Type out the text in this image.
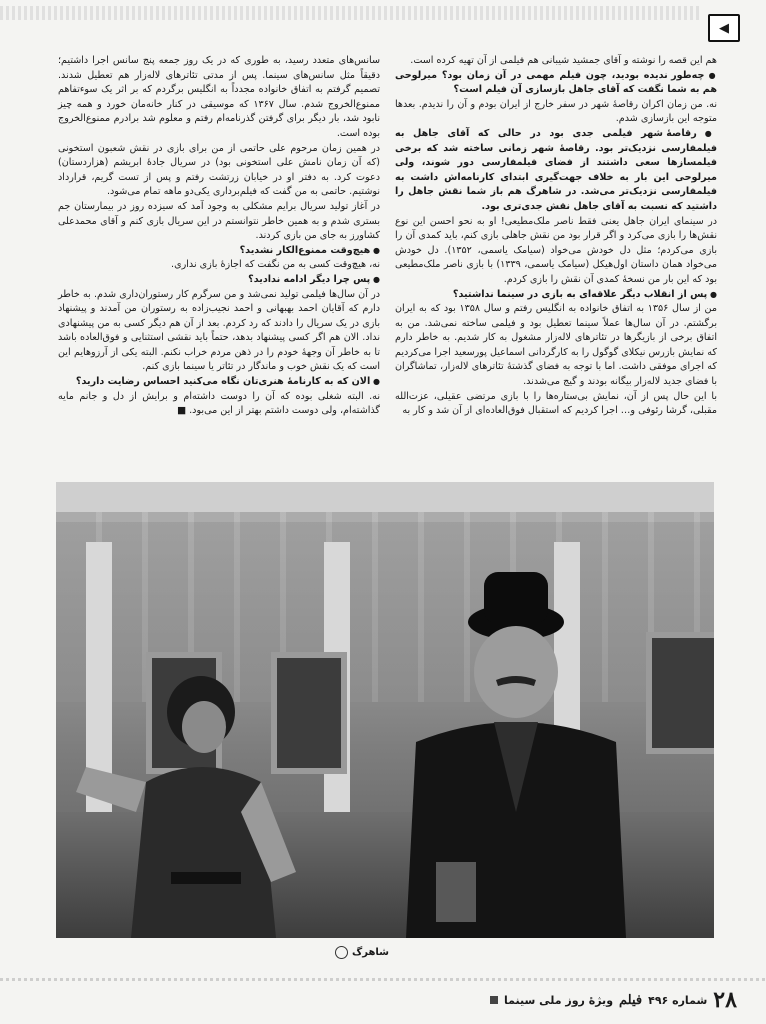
◀

هم این قصه را نوشته و آقای جمشید شیبانی هم فیلمی از آن تهیه کرده است.

● چه‌طور ندیده بودید، چون فیلم مهمی در آن زمان بود؟ میرلوحی هم به شما نگفت که آقای جاهل بازسازی آن فیلم است؟

نه. من زمان اکران رقاصهٔ شهر در سفر خارج از ایران بودم و آن را ندیدم. بعدها متوجه این بازسازی شدم.

● رقاصهٔ شهر فیلمی جدی بود در حالی که آقای جاهل به فیلمفارسی نزدیک‌تر بود. رقاصهٔ شهر زمانی ساخته شد که برخی فیلمسازها سعی داشتند از فضای فیلمفارسی دور شوند، ولی میرلوحی این بار به خلاف جهت‌گیری ابتدای کارنامه‌اش داشت به فیلمفارسی نزدیک‌تر می‌شد. در شاهرگ هم باز شما نقش جاهل را داشتید که نسبت به آقای جاهل نقش جدی‌تری بود.

در سینمای ایران جاهل یعنی فقط ناصر ملک‌مطیعی! او به نحو احسن این نوع نقش‌ها را بازی می‌کرد و اگر قرار بود من نقش جاهلی بازی کنم، باید کمدی آن را بازی می‌کردم؛ مثل دل خودش می‌خواد (سیامک یاسمی، ۱۳۵۲). دل خودش می‌خواد همان داستان اول‌هیکل (سیامک یاسمی، ۱۳۳۹) با بازی ناصر ملک‌مطیعی بود که این بار من نسخهٔ کمدی آن نقش را بازی کردم.

● پس از انقلاب دیگر علاقه‌ای به بازی در سینما نداشتید؟

من از سال ۱۳۵۶ به اتفاق خانواده به انگلیس رفتم و سال ۱۳۵۸ بود که به ایران برگشتم. در آن سال‌ها عملاً سینما تعطیل بود و فیلمی ساخته نمی‌شد. من به اتفاق برخی از بازیگرها در تئاترهای لاله‌زار مشغول به کار شدیم. به خاطر دارم که نمایش بازرس نیکلای گوگول را به کارگردانی اسماعیل پورسعید اجرا می‌کردیم که اجرای موفقی داشت. اما با توجه به فضای گذشتهٔ تئاترهای لاله‌زار، تماشاگران با فضای جدید لاله‌زار بیگانه بودند و گیج می‌شدند.

با این حال پس از آن، نمایش بی‌ستاره‌ها را با بازی مرتضی عقیلی، عزت‌الله مقبلی، گرشا رئوفی و… اجرا کردیم که استقبال فوق‌العاده‌ای از آن شد و کار به

سانس‌های متعدد رسید، به طوری که در یک روز جمعه پنج سانس اجرا داشتیم؛ دقیقاً مثل سانس‌های سینما. پس از مدتی تئاترهای لاله‌زار هم تعطیل شدند. تصمیم گرفتم به اتفاق خانواده مجدداً به انگلیس برگردم که بر اثر یک سوءتفاهم ممنوع‌الخروج شدم. سال ۱۳۶۷ که موسیقی در کنار خانه‌مان خورد و همه چیز نابود شد، بار دیگر برای گرفتن گذرنامه‌ام رفتم و معلوم شد برادرم ممنوع‌الخروج بوده است.

در همین زمان مرحوم علی حاتمی از من برای بازی در نقش شعبون استخونی (که آن زمان نامش علی استخونی بود) در سریال جادهٔ ابریشم (هزاردستان) دعوت کرد. به دفتر او در خیابان زرتشت رفتم و پس از تست گریم، قرارداد نوشتیم. حاتمی به من گفت که فیلم‌برداری یکی‌دو ماهه تمام می‌شود.

در آغاز تولید سریال برایم مشکلی به وجود آمد که سیزده روز در بیمارستان جم بستری شدم و به همین خاطر نتوانستم در این سریال بازی کنم و آقای محمدعلی کشاورز به جای من بازی کردند.

● هیچ‌وقت ممنوع‌الکار نشدید؟

نه، هیچ‌وقت کسی به من نگفت که اجازهٔ بازی نداری.

● پس چرا دیگر ادامه ندادید؟

در آن سال‌ها فیلمی تولید نمی‌شد و من سرگرم کار رستوران‌داری شدم. به خاطر دارم که آقایان احمد بهبهانی و احمد نجیب‌زاده به رستوران من آمدند و پیشنهاد بازی در یک سریال را دادند که رد کردم. بعد از آن هم دیگر کسی به من پیشنهادی نداد. الان هم اگر کسی پیشنهاد بدهد، حتماً باید نقشی استثنایی و فوق‌العاده باشد تا به خاطر آن وجههٔ خودم را در ذهن مردم خراب نکنم. البته یکی از آرزوهایم این است که یک نقش خوب و ماندگار در تئاتر یا سینما بازی کنم.

● الان که به کارنامهٔ هنری‌تان نگاه می‌کنید احساس رضایت دارید؟

نه. البته شغلی بوده که آن را دوست داشته‌ام و برایش از دل و جانم مایه گذاشته‌ام، ولی دوست داشتم بهتر از این می‌بود. ■

شاهرگ
۲۸
شماره ۴۹۶
فیلم
ویژهٔ روز ملی سینما
